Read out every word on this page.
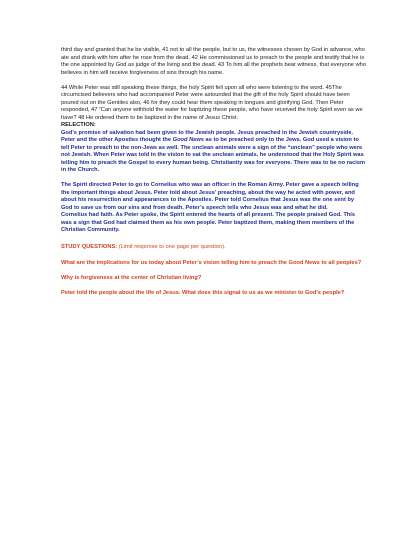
third day and granted that he be visible, 41 not to all the people, but to us, the witnesses chosen by God in advance, who ate and drank with him after he rose from the dead. 42 He commissioned us to preach to the people and testify that he is the one appointed by God as judge of the living and the dead. 43 To him all the prophets bear witness, that everyone who believes in him will receive forgiveness of sins through his name.

44 While Peter was still speaking these things, the holy Spirit fell upon all who were listening to the word. 45The circumcised believers who had accompanied Peter were astounded that the gift of the holy Spirit should have been poured out on the Gentiles also, 46 for they could hear them speaking in tongues and glorifying God. Then Peter responded, 47 “Can anyone withhold the water for baptizing these people, who have received the holy Spirit even as we have? 48 He ordered them to be baptized in the name of Jesus Christ.

RELECTION:

God’s promise of salvation had been given to the Jewish people. Jesus preached in the Jewish countryside. Peter and the other Apostles thought the Good News as to be preached only to the Jews. God used a vision to tell Peter to preach to the non-Jews as well. The unclean animals were a sign of the “unclean” people who were not Jewish. When Peter was told in the vision to eat the unclean animals, he understood that the Holy Spirit was telling him to preach the Gospel to every human being. Christianity was for everyone. There was to be no racism in the Church.

The Spirit directed Peter to go to Cornelius who was an officer in the Roman Army. Peter gave a speech telling the important things about Jesus. Peter told about Jesus’ preaching, about the way he acted with power, and about his resurrection and appearances to the Apostles. Peter told Cornelius that Jesus was the one sent by God to save us from our sins and from death. Peter’s speech tells who Jesus was and what he did.

Cornelius had faith. As Peter spoke, the Spirit entered the hearts of all present. The people praised God. This was a sign that God had claimed them as his own people. Peter baptized them, making them members of the Christian Community.

STUDY QUESTIONS: (Limit response to one page per question).

What are the implications for us today about Peter’s vision telling him to preach the Good News to all peoples?

Why is forgiveness at the center of Christian living?

Peter told the people about the life of Jesus. What does this signal to us as we minister to God’s people?
